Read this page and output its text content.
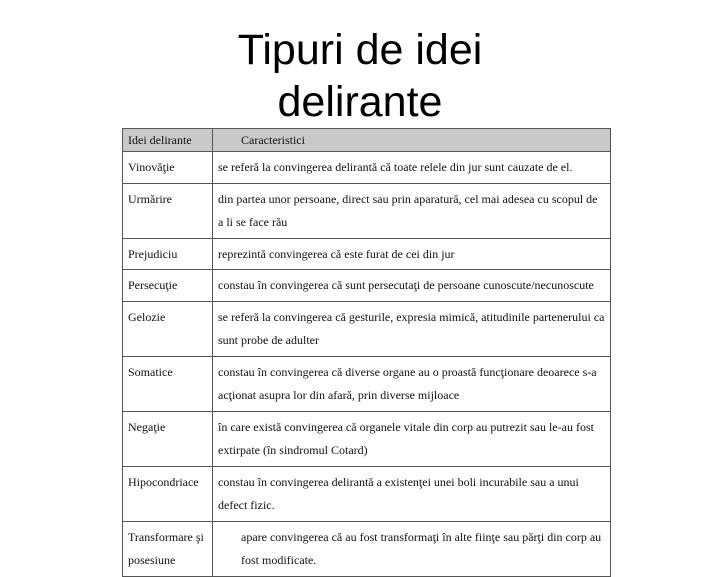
Tipuri de idei
delirante
Idei delirante	Caracteristici
Vinovăţie	se referă la convingerea delirantă că toate relele din jur sunt cauzate de el.
Urmărire	din partea unor persoane, direct sau prin aparatură, cel mai adesea cu scopul de a li se face rău
Prejudiciu	reprezintă convingerea că este furat de cei din jur
Persecuţie	constau în convingerea că sunt persecutaţi de persoane cunoscute/necunoscute
Gelozie	se referă la convingerea că gesturile, expresia mimică, atitudinile partenerului ca sunt probe de adulter
Somatice	constau în convingerea că diverse organe au o proastă funcţionare deoarece s-a acţionat asupra lor din afară, prin diverse mijloace
Negaţie	în care există convingerea că organele vitale din corp au putrezit sau le-au fost extirpate (în sindromul Cotard)
Hipocondriace	constau în convingerea delirantă a existenţei unei boli incurabile sau a unui defect fizic.
Transformare şi posesiune	apare convingerea că au fost transformaţi în alte fiinţe sau părţi din corp au fost modificate.
